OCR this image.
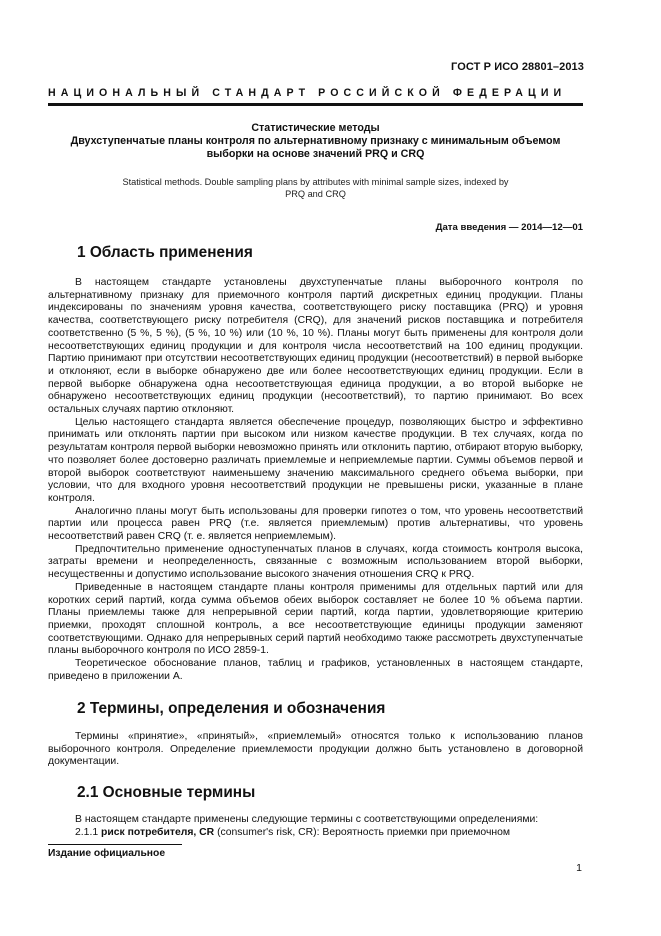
ГОСТ Р ИСО 28801–2013
НАЦИОНАЛЬНЫЙ СТАНДАРТ РОССИЙСКОЙ ФЕДЕРАЦИИ

Статистические методы
Двухступенчатые планы контроля по альтернативному признаку с минимальным объемом
выборки на основе значений PRQ и CRQ

Statistical methods. Double sampling plans by attributes with minimal sample sizes, indexed by
PRQ and CRQ

Дата введения — 2014—12—01
1 Область применения

В настоящем стандарте установлены двухступенчатые планы выборочного контроля по альтернативному признаку для приемочного контроля партий дискретных единиц продукции. Планы индексированы по значениям уровня качества, соответствующего риску поставщика (PRQ) и уровня качества, соответствующего риску потребителя (CRQ), для значений рисков поставщика и потребителя соответственно (5 %, 5 %), (5 %, 10 %) или (10 %, 10 %). Планы могут быть применены для контроля доли несоответствующих единиц продукции и для контроля числа несоответствий на 100 единиц продукции. Партию принимают при отсутствии несоответствующих единиц продукции (несоответствий) в первой выборке и отклоняют, если в выборке обнаружено две или более несоответствующих единиц продукции. Если в первой выборке обнаружена одна несоответствующая единица продукции, а во второй выборке не обнаружено несоответствующих единиц продукции (несоответствий), то партию принимают. Во всех остальных случаях партию отклоняют.

Целью настоящего стандарта является обеспечение процедур, позволяющих быстро и эффективно принимать или отклонять партии при высоком или низком качестве продукции. В тех случаях, когда по результатам контроля первой выборки невозможно принять или отклонить партию, отбирают вторую выборку, что позволяет более достоверно различать приемлемые и неприемлемые партии. Суммы объемов первой и второй выборок соответствуют наименьшему значению максимального среднего объема выборки, при условии, что для входного уровня несоответствий продукции не превышены риски, указанные в плане контроля.

Аналогично планы могут быть использованы для проверки гипотез о том, что уровень несоответствий партии или процесса равен PRQ (т.е. является приемлемым) против альтернативы, что уровень несоответствий равен CRQ (т. е. является неприемлемым).

Предпочтительно применение одноступенчатых планов в случаях, когда стоимость контроля высока, затраты времени и неопределенность, связанные с возможным использованием второй выборки, несущественны и допустимо использование высокого значения отношения CRQ к PRQ.

Приведенные в настоящем стандарте планы контроля применимы для отдельных партий или для коротких серий партий, когда сумма объемов обеих выборок составляет не более 10 % объема партии. Планы приемлемы также для непрерывной серии партий, когда партии, удовлетворяющие критерию приемки, проходят сплошной контроль, а все несоответствующие единицы продукции заменяют соответствующими. Однако для непрерывных серий партий необходимо также рассмотреть двухступенчатые планы выборочного контроля по ИСО 2859-1.

Теоретическое обоснование планов, таблиц и графиков, установленных в настоящем стандарте, приведено в приложении А.

2 Термины, определения и обозначения

Термины «принятие», «принятый», «приемлемый» относятся только к использованию планов выборочного контроля. Определение приемлемости продукции должно быть установлено в договорной документации.

2.1 Основные термины

В настоящем стандарте применены следующие термины с соответствующими определениями:

2.1.1 риск потребителя, CR (consumer's risk, CR): Вероятность приемки при приемочном

Издание официальное
1
